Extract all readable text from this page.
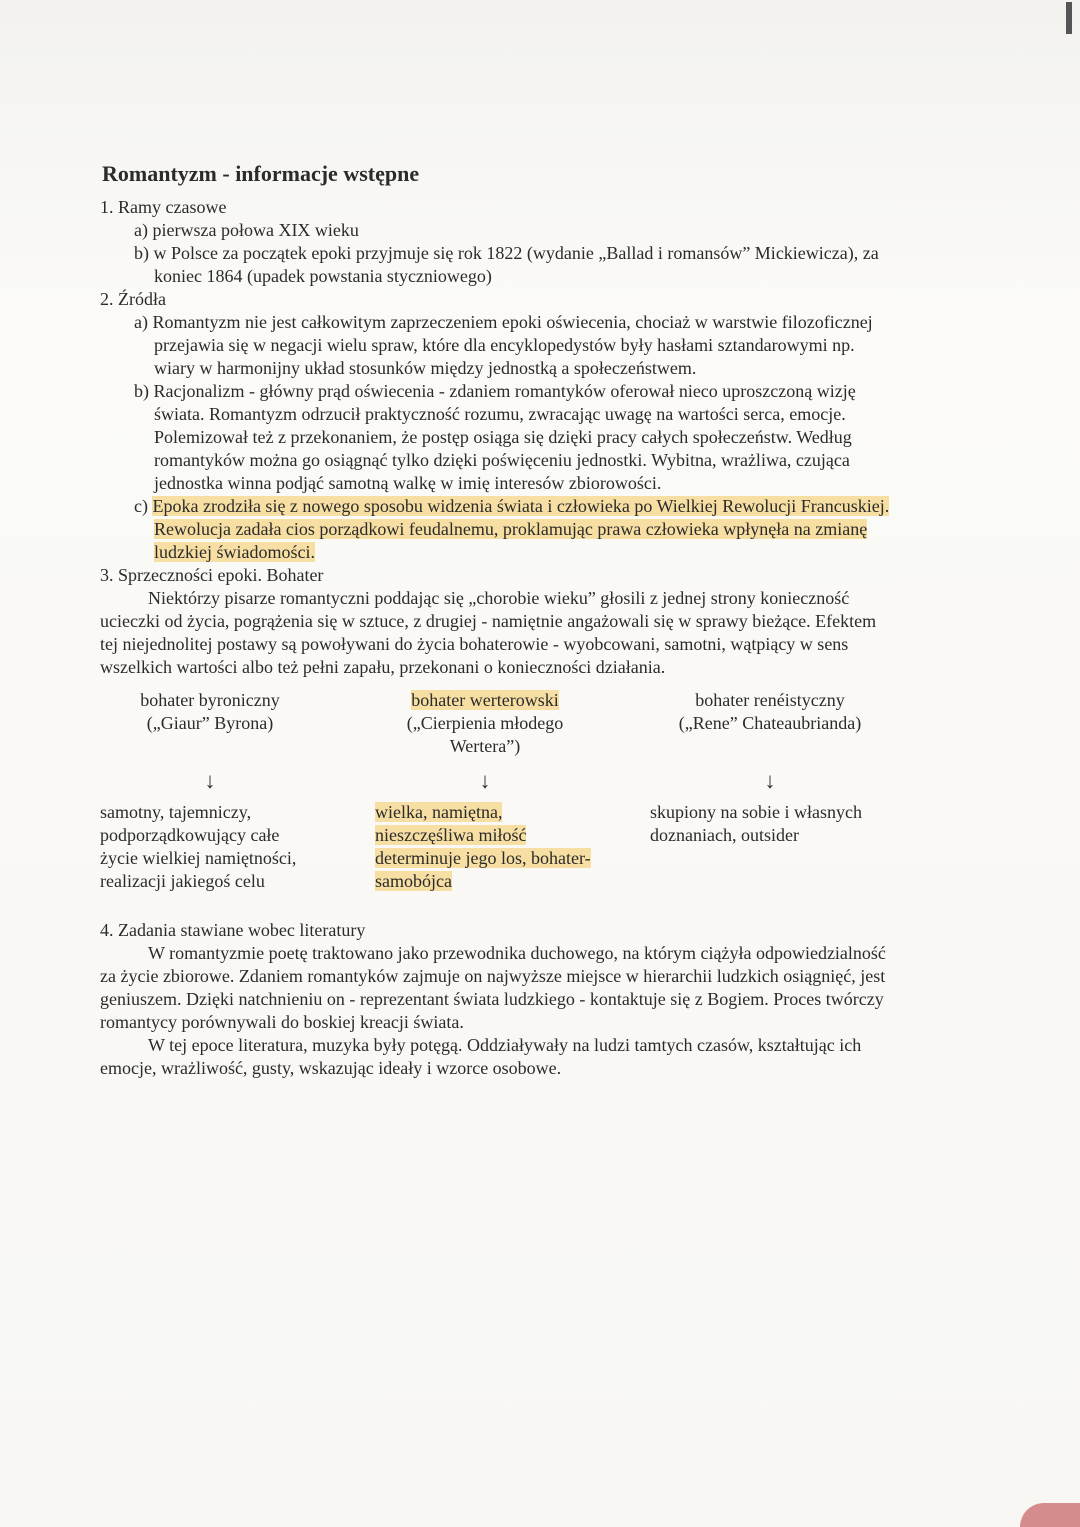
Romantyzm - informacje wstępne

1. Ramy czasowe

a) pierwsza połowa XIX wieku

b) w Polsce za początek epoki przyjmuje się rok 1822 (wydanie „Ballad i romansów” Mickiewicza), za koniec 1864 (upadek powstania styczniowego)

2. Źródła

a) Romantyzm nie jest całkowitym zaprzeczeniem epoki oświecenia, chociaż w warstwie filozoficznej przejawia się w negacji wielu spraw, które dla encyklopedystów były hasłami sztandarowymi np. wiary w harmonijny układ stosunków między jednostką a społeczeństwem.

b) Racjonalizm - główny prąd oświecenia - zdaniem romantyków oferował nieco uproszczoną wizję świata. Romantyzm odrzucił praktyczność rozumu, zwracając uwagę na wartości serca, emocje. Polemizował też z przekonaniem, że postęp osiąga się dzięki pracy całych społeczeństw. Według romantyków można go osiągnąć tylko dzięki poświęceniu jednostki. Wybitna, wrażliwa, czująca jednostka winna podjąć samotną walkę w imię interesów zbiorowości.

c) Epoka zrodziła się z nowego sposobu widzenia świata i człowieka po Wielkiej Rewolucji Francuskiej. Rewolucja zadała cios porządkowi feudalnemu, proklamując prawa człowieka wpłynęła na zmianę ludzkiej świadomości.

3. Sprzeczności epoki. Bohater

Niektórzy pisarze romantyczni poddając się „chorobie wieku” głosili z jednej strony konieczność ucieczki od życia, pogrążenia się w sztuce, z drugiej - namiętnie angażowali się w sprawy bieżące. Efektem tej niejednolitej postawy są powoływani do życia bohaterowie - wyobcowani, samotni, wątpiący w sens wszelkich wartości albo też pełni zapału, przekonani o konieczności działania.

bohater byroniczny
(„Giaur” Byrona)
↓
samotny, tajemniczy, podporządkowujący całe życie wielkiej namiętności, realizacji jakiegoś celu
bohater werterowski
(„Cierpienia młodego Wertera”)
↓
wielka, namiętna, nieszczęśliwa miłość determinuje jego los, bohater-samobójca
bohater renéistyczny
(„Rene” Chateaubrianda)
↓
skupiony na sobie i własnych doznaniach, outsider

4. Zadania stawiane wobec literatury

W romantyzmie poetę traktowano jako przewodnika duchowego, na którym ciążyła odpowiedzialność za życie zbiorowe. Zdaniem romantyków zajmuje on najwyższe miejsce w hierarchii ludzkich osiągnięć, jest geniuszem. Dzięki natchnieniu on - reprezentant świata ludzkiego - kontaktuje się z Bogiem. Proces twórczy romantycy porównywali do boskiej kreacji świata.

W tej epoce literatura, muzyka były potęgą. Oddziaływały na ludzi tamtych czasów, kształtując ich emocje, wrażliwość, gusty, wskazując ideały i wzorce osobowe.
